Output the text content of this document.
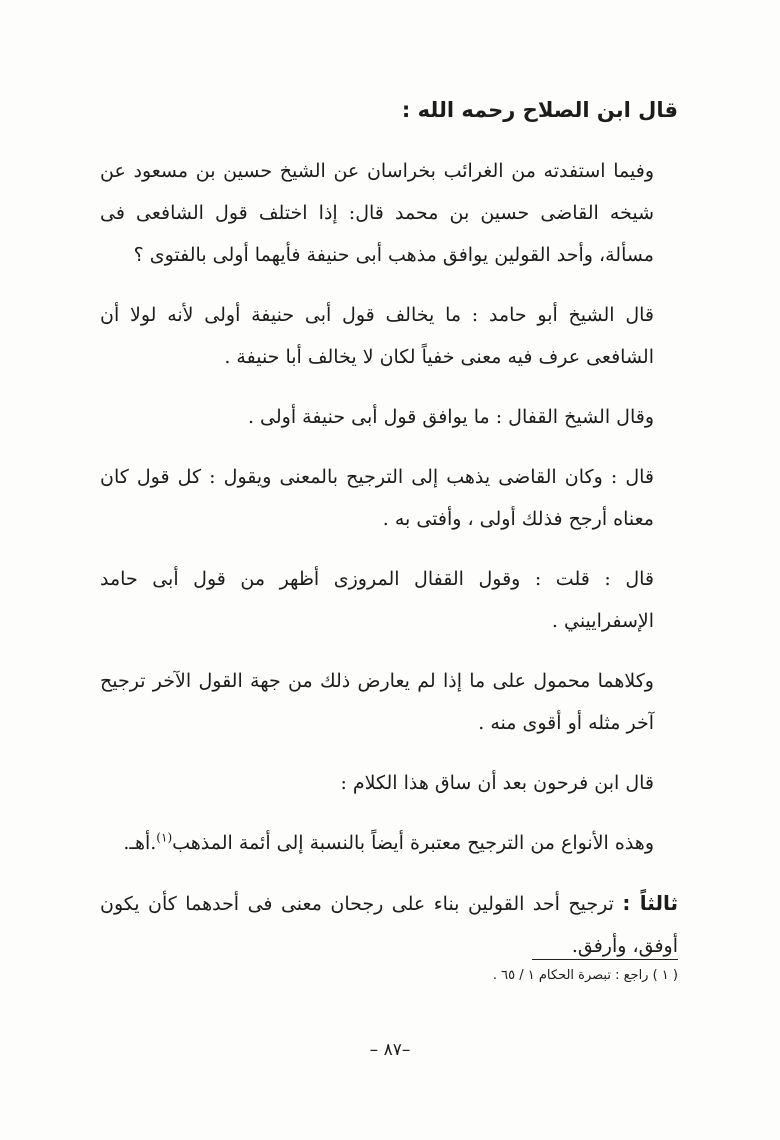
قال ابن الصلاح رحمه الله :
وفيما استفدته من الغرائب بخراسان عن الشيخ حسين بن مسعود عن شيخه القاضى حسين بن محمد قال: إذا اختلف قول الشافعى فى مسألة، وأحد القولين يوافق مذهب أبى حنيفة فأيهما أولى بالفتوى ؟
قال الشيخ أبو حامد : ما يخالف قول أبى حنيفة أولى لأنه لولا أن الشافعى عرف فيه معنى خفياً لكان لا يخالف أبا حنيفة .
وقال الشيخ القفال : ما يوافق قول أبى حنيفة أولى .
قال : وكان القاضى يذهب إلى الترجيح بالمعنى ويقول : كل قول كان معناه أرجح فذلك أولى ، وأفتى به .
قال : قلت : وقول القفال المروزى أظهر من قول أبى حامد الإسفراييني .
وكلاهما محمول على ما إذا لم يعارض ذلك من جهة القول الآخر ترجيح آخر مثله أو أقوى منه .
قال ابن فرحون بعد أن ساق هذا الكلام :
وهذه الأنواع من الترجيح معتبرة أيضاً بالنسبة إلى أئمة المذهب$^{(١)}$.أهـ.
ثالثاً : ترجيح أحد القولين بناء على رجحان معنى فى أحدهما كأن يكون أوفق، وأرفق.
( ١ ) راجع : تبصرة الحكام ١ / ٦٥ .
–٨٧ –
